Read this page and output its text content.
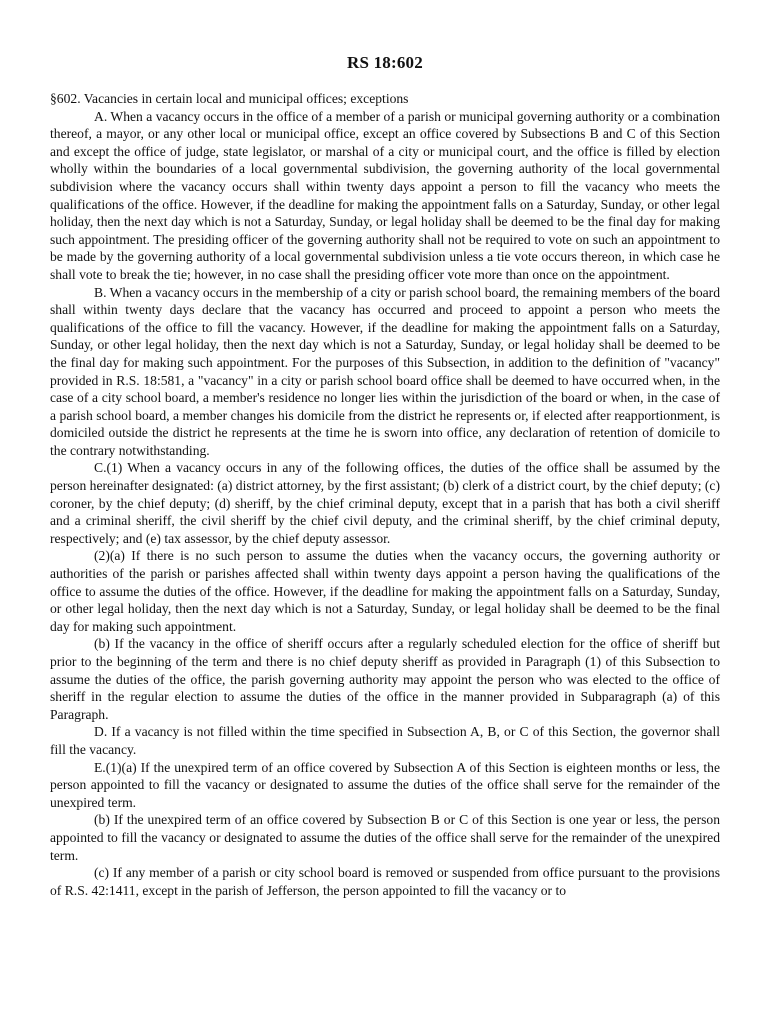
RS 18:602

§602. Vacancies in certain local and municipal offices; exceptions

A. When a vacancy occurs in the office of a member of a parish or municipal governing authority or a combination thereof, a mayor, or any other local or municipal office, except an office covered by Subsections B and C of this Section and except the office of judge, state legislator, or marshal of a city or municipal court, and the office is filled by election wholly within the boundaries of a local governmental subdivision, the governing authority of the local governmental subdivision where the vacancy occurs shall within twenty days appoint a person to fill the vacancy who meets the qualifications of the office. However, if the deadline for making the appointment falls on a Saturday, Sunday, or other legal holiday, then the next day which is not a Saturday, Sunday, or legal holiday shall be deemed to be the final day for making such appointment. The presiding officer of the governing authority shall not be required to vote on such an appointment to be made by the governing authority of a local governmental subdivision unless a tie vote occurs thereon, in which case he shall vote to break the tie; however, in no case shall the presiding officer vote more than once on the appointment.

B. When a vacancy occurs in the membership of a city or parish school board, the remaining members of the board shall within twenty days declare that the vacancy has occurred and proceed to appoint a person who meets the qualifications of the office to fill the vacancy. However, if the deadline for making the appointment falls on a Saturday, Sunday, or other legal holiday, then the next day which is not a Saturday, Sunday, or legal holiday shall be deemed to be the final day for making such appointment. For the purposes of this Subsection, in addition to the definition of "vacancy" provided in R.S. 18:581, a "vacancy" in a city or parish school board office shall be deemed to have occurred when, in the case of a city school board, a member's residence no longer lies within the jurisdiction of the board or when, in the case of a parish school board, a member changes his domicile from the district he represents or, if elected after reapportionment, is domiciled outside the district he represents at the time he is sworn into office, any declaration of retention of domicile to the contrary notwithstanding.

C.(1) When a vacancy occurs in any of the following offices, the duties of the office shall be assumed by the person hereinafter designated: (a) district attorney, by the first assistant; (b) clerk of a district court, by the chief deputy; (c) coroner, by the chief deputy; (d) sheriff, by the chief criminal deputy, except that in a parish that has both a civil sheriff and a criminal sheriff, the civil sheriff by the chief civil deputy, and the criminal sheriff, by the chief criminal deputy, respectively; and (e) tax assessor, by the chief deputy assessor.

(2)(a) If there is no such person to assume the duties when the vacancy occurs, the governing authority or authorities of the parish or parishes affected shall within twenty days appoint a person having the qualifications of the office to assume the duties of the office. However, if the deadline for making the appointment falls on a Saturday, Sunday, or other legal holiday, then the next day which is not a Saturday, Sunday, or legal holiday shall be deemed to be the final day for making such appointment.

(b) If the vacancy in the office of sheriff occurs after a regularly scheduled election for the office of sheriff but prior to the beginning of the term and there is no chief deputy sheriff as provided in Paragraph (1) of this Subsection to assume the duties of the office, the parish governing authority may appoint the person who was elected to the office of sheriff in the regular election to assume the duties of the office in the manner provided in Subparagraph (a) of this Paragraph.

D. If a vacancy is not filled within the time specified in Subsection A, B, or C of this Section, the governor shall fill the vacancy.

E.(1)(a) If the unexpired term of an office covered by Subsection A of this Section is eighteen months or less, the person appointed to fill the vacancy or designated to assume the duties of the office shall serve for the remainder of the unexpired term.

(b) If the unexpired term of an office covered by Subsection B or C of this Section is one year or less, the person appointed to fill the vacancy or designated to assume the duties of the office shall serve for the remainder of the unexpired term.

(c) If any member of a parish or city school board is removed or suspended from office pursuant to the provisions of R.S. 42:1411, except in the parish of Jefferson, the person appointed to fill the vacancy or to
